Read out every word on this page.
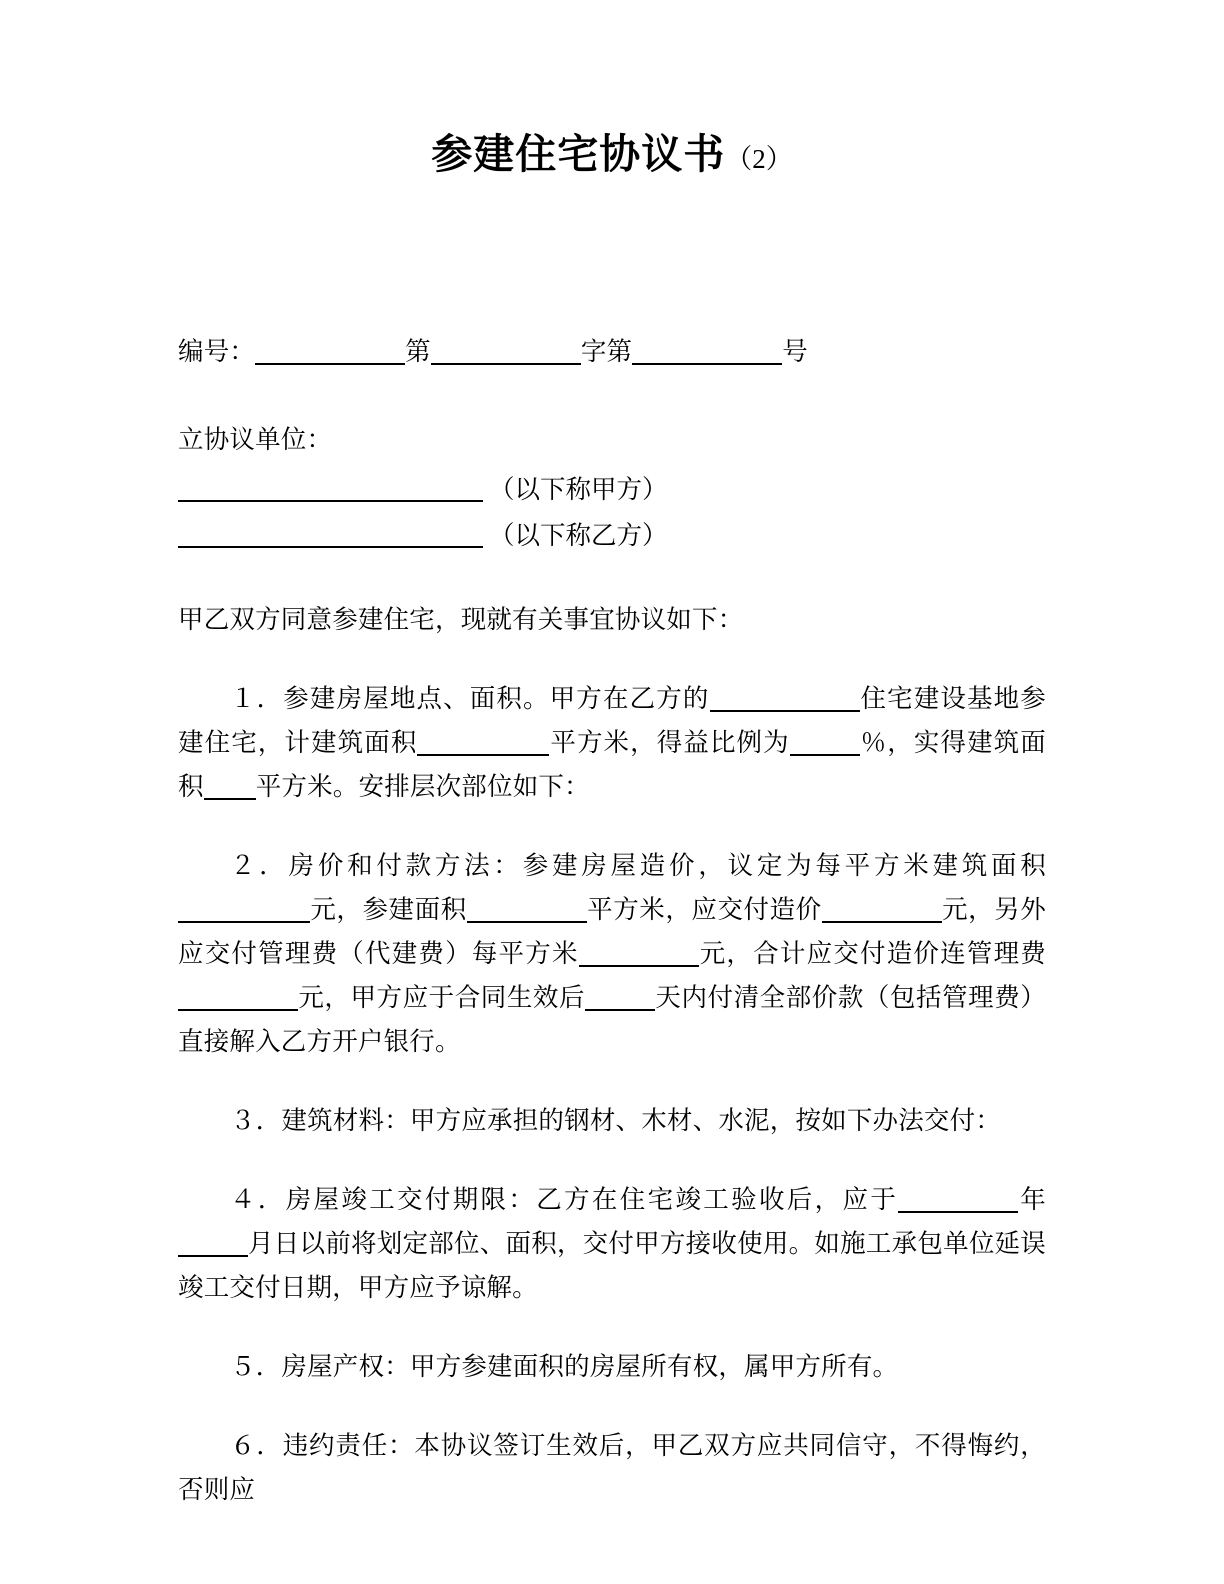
参建住宅协议书（2）
编号：	第	字第	号
立协议单位：
（以下称甲方）
（以下称乙方）
甲乙双方同意参建住宅，现就有关事宜协议如下：
１．参建房屋地点、面积。甲方在乙方的	住宅建设基地参建住宅，计建筑面积	平方米，得益比例为	％，实得建筑面积 平方米。安排层次部位如下：
２．房价和付款方法：参建房屋造价，议定为每平方米建筑面积元，参建面积	平方米，应交付造价	元，另外应交付管理费（代建费）每平方米	元，合计应交付造价连管理费元，甲方应于合同生效后	天内付清全部价款（包括管理费）直接解入乙方开户银行。
３．建筑材料：甲方应承担的钢材、木材、水泥，按如下办法交付：
４．房屋竣工交付期限：乙方在住宅竣工验收后，应于	年月日以前将划定部位、面积，交付甲方接收使用。如施工承包单位延误竣工交付日期，甲方应予谅解。
５．房屋产权：甲方参建面积的房屋所有权，属甲方所有。
６．违约责任：本协议签订生效后，甲乙双方应共同信守，不得悔约，否则应
